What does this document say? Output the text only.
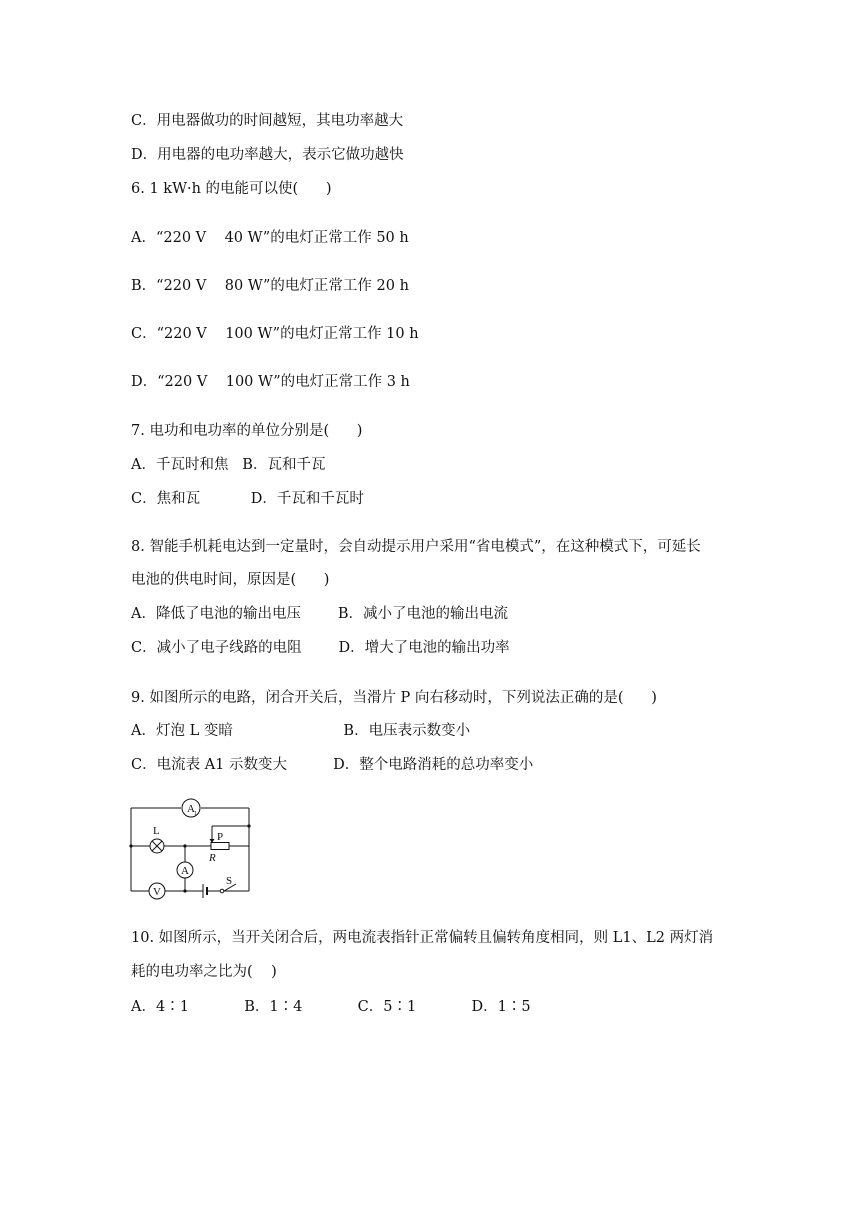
C．用电器做功的时间越短，其电功率越大
D．用电器的电功率越大，表示它做功越快
6. 1 kW·h 的电能可以使(      )
A．“220 V    40 W”的电灯正常工作 50 h
B．“220 V    80 W”的电灯正常工作 20 h
C．“220 V    100 W”的电灯正常工作 10 h
D．“220 V    100 W”的电灯正常工作 3 h
7. 电功和电功率的单位分别是(      )
A．千瓦时和焦   B．瓦和千瓦
C．焦和瓦           D．千瓦和千瓦时
8. 智能手机耗电达到一定量时，会自动提示用户采用“省电模式”，在这种模式下，可延长
电池的供电时间，原因是(      )
A．降低了电池的输出电压        B．减小了电池的输出电流
C．减小了电子线路的电阻        D．增大了电池的输出功率
9. 如图所示的电路，闭合开关后，当滑片 P 向右移动时，下列说法正确的是(      )
A．灯泡 L 变暗                        B．电压表示数变小
C．电流表 A1 示数变大          D．整个电路消耗的总功率变小
A 1
L	P
R
A
V
S
10. 如图所示，当开关闭合后，两电流表指针正常偏转且偏转角度相同，则 L1、L2 两灯消
耗的电功率之比为(    )
A．4∶1            B．1∶4            C．5∶1            D．1∶5
